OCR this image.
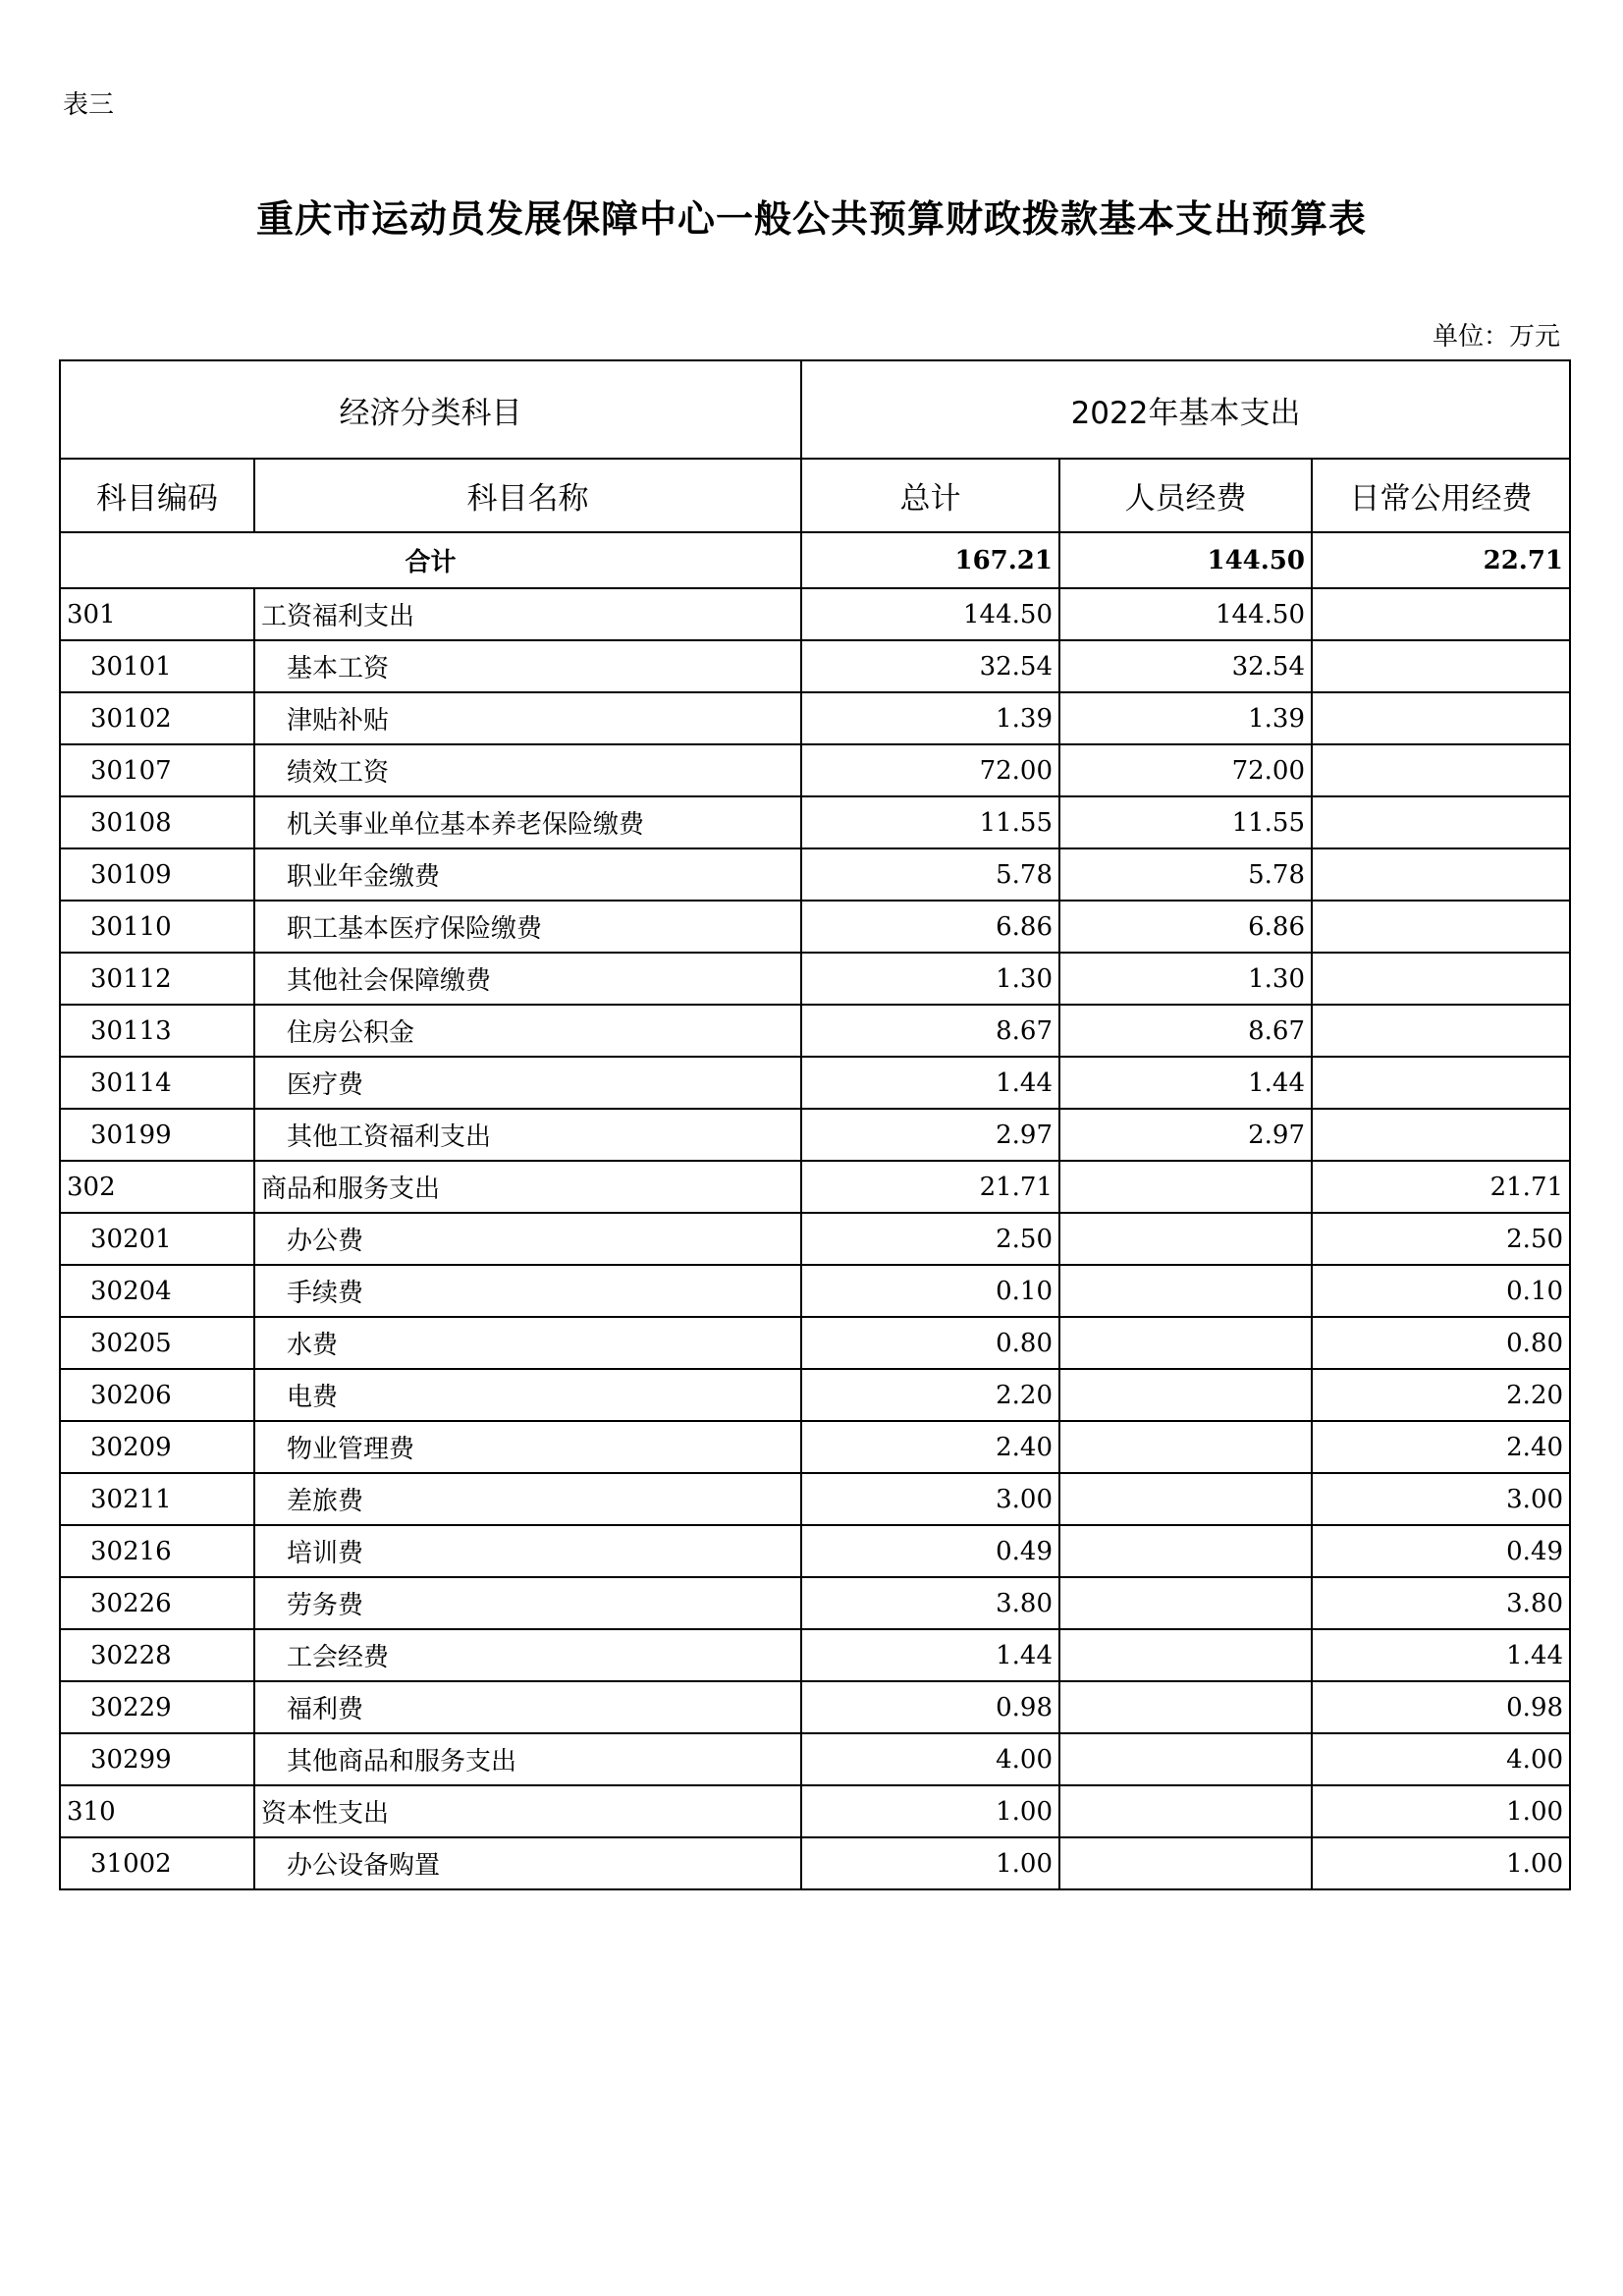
表三
重庆市运动员发展保障中心一般公共预算财政拨款基本支出预算表
单位：万元
经济分类科目		2022年基本支出		
科目编码	科目名称	总计	人员经费	日常公用经费
合计		167.21	144.50	22.71
301	工资福利支出	144.50	144.50	
30101	基本工资	32.54	32.54	
30102	津贴补贴	1.39	1.39	
30107	绩效工资	72.00	72.00	
30108	机关事业单位基本养老保险缴费	11.55	11.55	
30109	职业年金缴费	5.78	5.78	
30110	职工基本医疗保险缴费	6.86	6.86	
30112	其他社会保障缴费	1.30	1.30	
30113	住房公积金	8.67	8.67	
30114	医疗费	1.44	1.44	
30199	其他工资福利支出	2.97	2.97	
302	商品和服务支出	21.71		21.71
30201	办公费	2.50		2.50
30204	手续费	0.10		0.10
30205	水费	0.80		0.80
30206	电费	2.20		2.20
30209	物业管理费	2.40		2.40
30211	差旅费	3.00		3.00
30216	培训费	0.49		0.49
30226	劳务费	3.80		3.80
30228	工会经费	1.44		1.44
30229	福利费	0.98		0.98
30299	其他商品和服务支出	4.00		4.00
310	资本性支出	1.00		1.00
31002	办公设备购置	1.00		1.00
